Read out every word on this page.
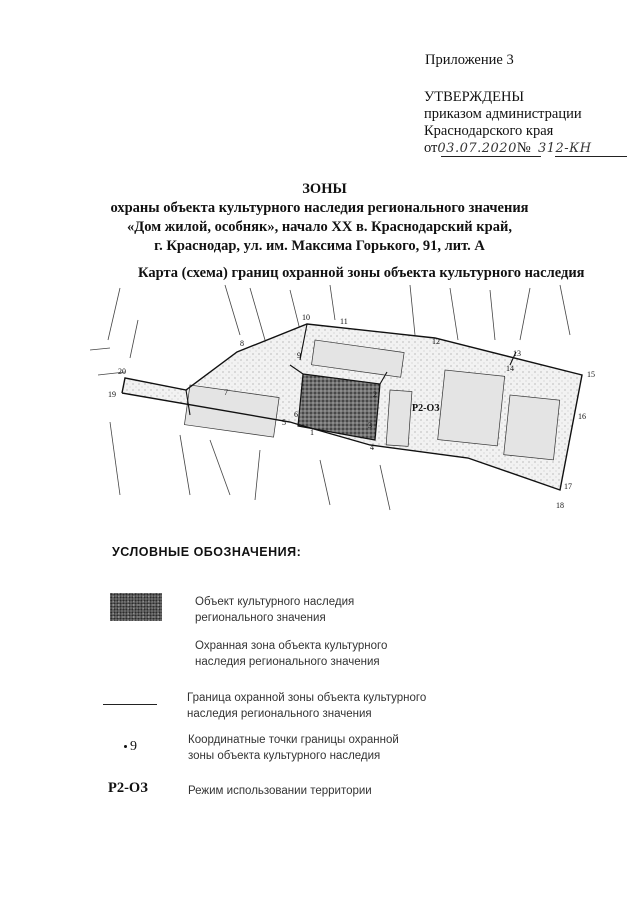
Приложение 3
УТВЕРЖДЕНЫ
приказом администрации
Краснодарского края
от03.07.2020№ 312-КН
ЗОНЫ
охраны объекта культурного наследия регионального значения
«Дом жилой, особняк», начало XX в. Краснодарский край,
г. Краснодар, ул. им. Максима Горького, 91, лит. А
Карта (схема) границ охранной зоны объекта культурного наследия
1
2
3
4
5
6
7
8
9
10	11
12
13
14
15
16
17
18
19
20
Р2-ОЗ
УСЛОВНЫЕ ОБОЗНАЧЕНИЯ:
Объект культурного наследия
регионального значения
Охранная зона объекта культурного
наследия регионального значения
Граница охранной зоны объекта культурного
наследия регионального значения
9	Координатные точки границы охранной
зоны объекта культурного наследия
Р2-ОЗ	Режим использовании территории
